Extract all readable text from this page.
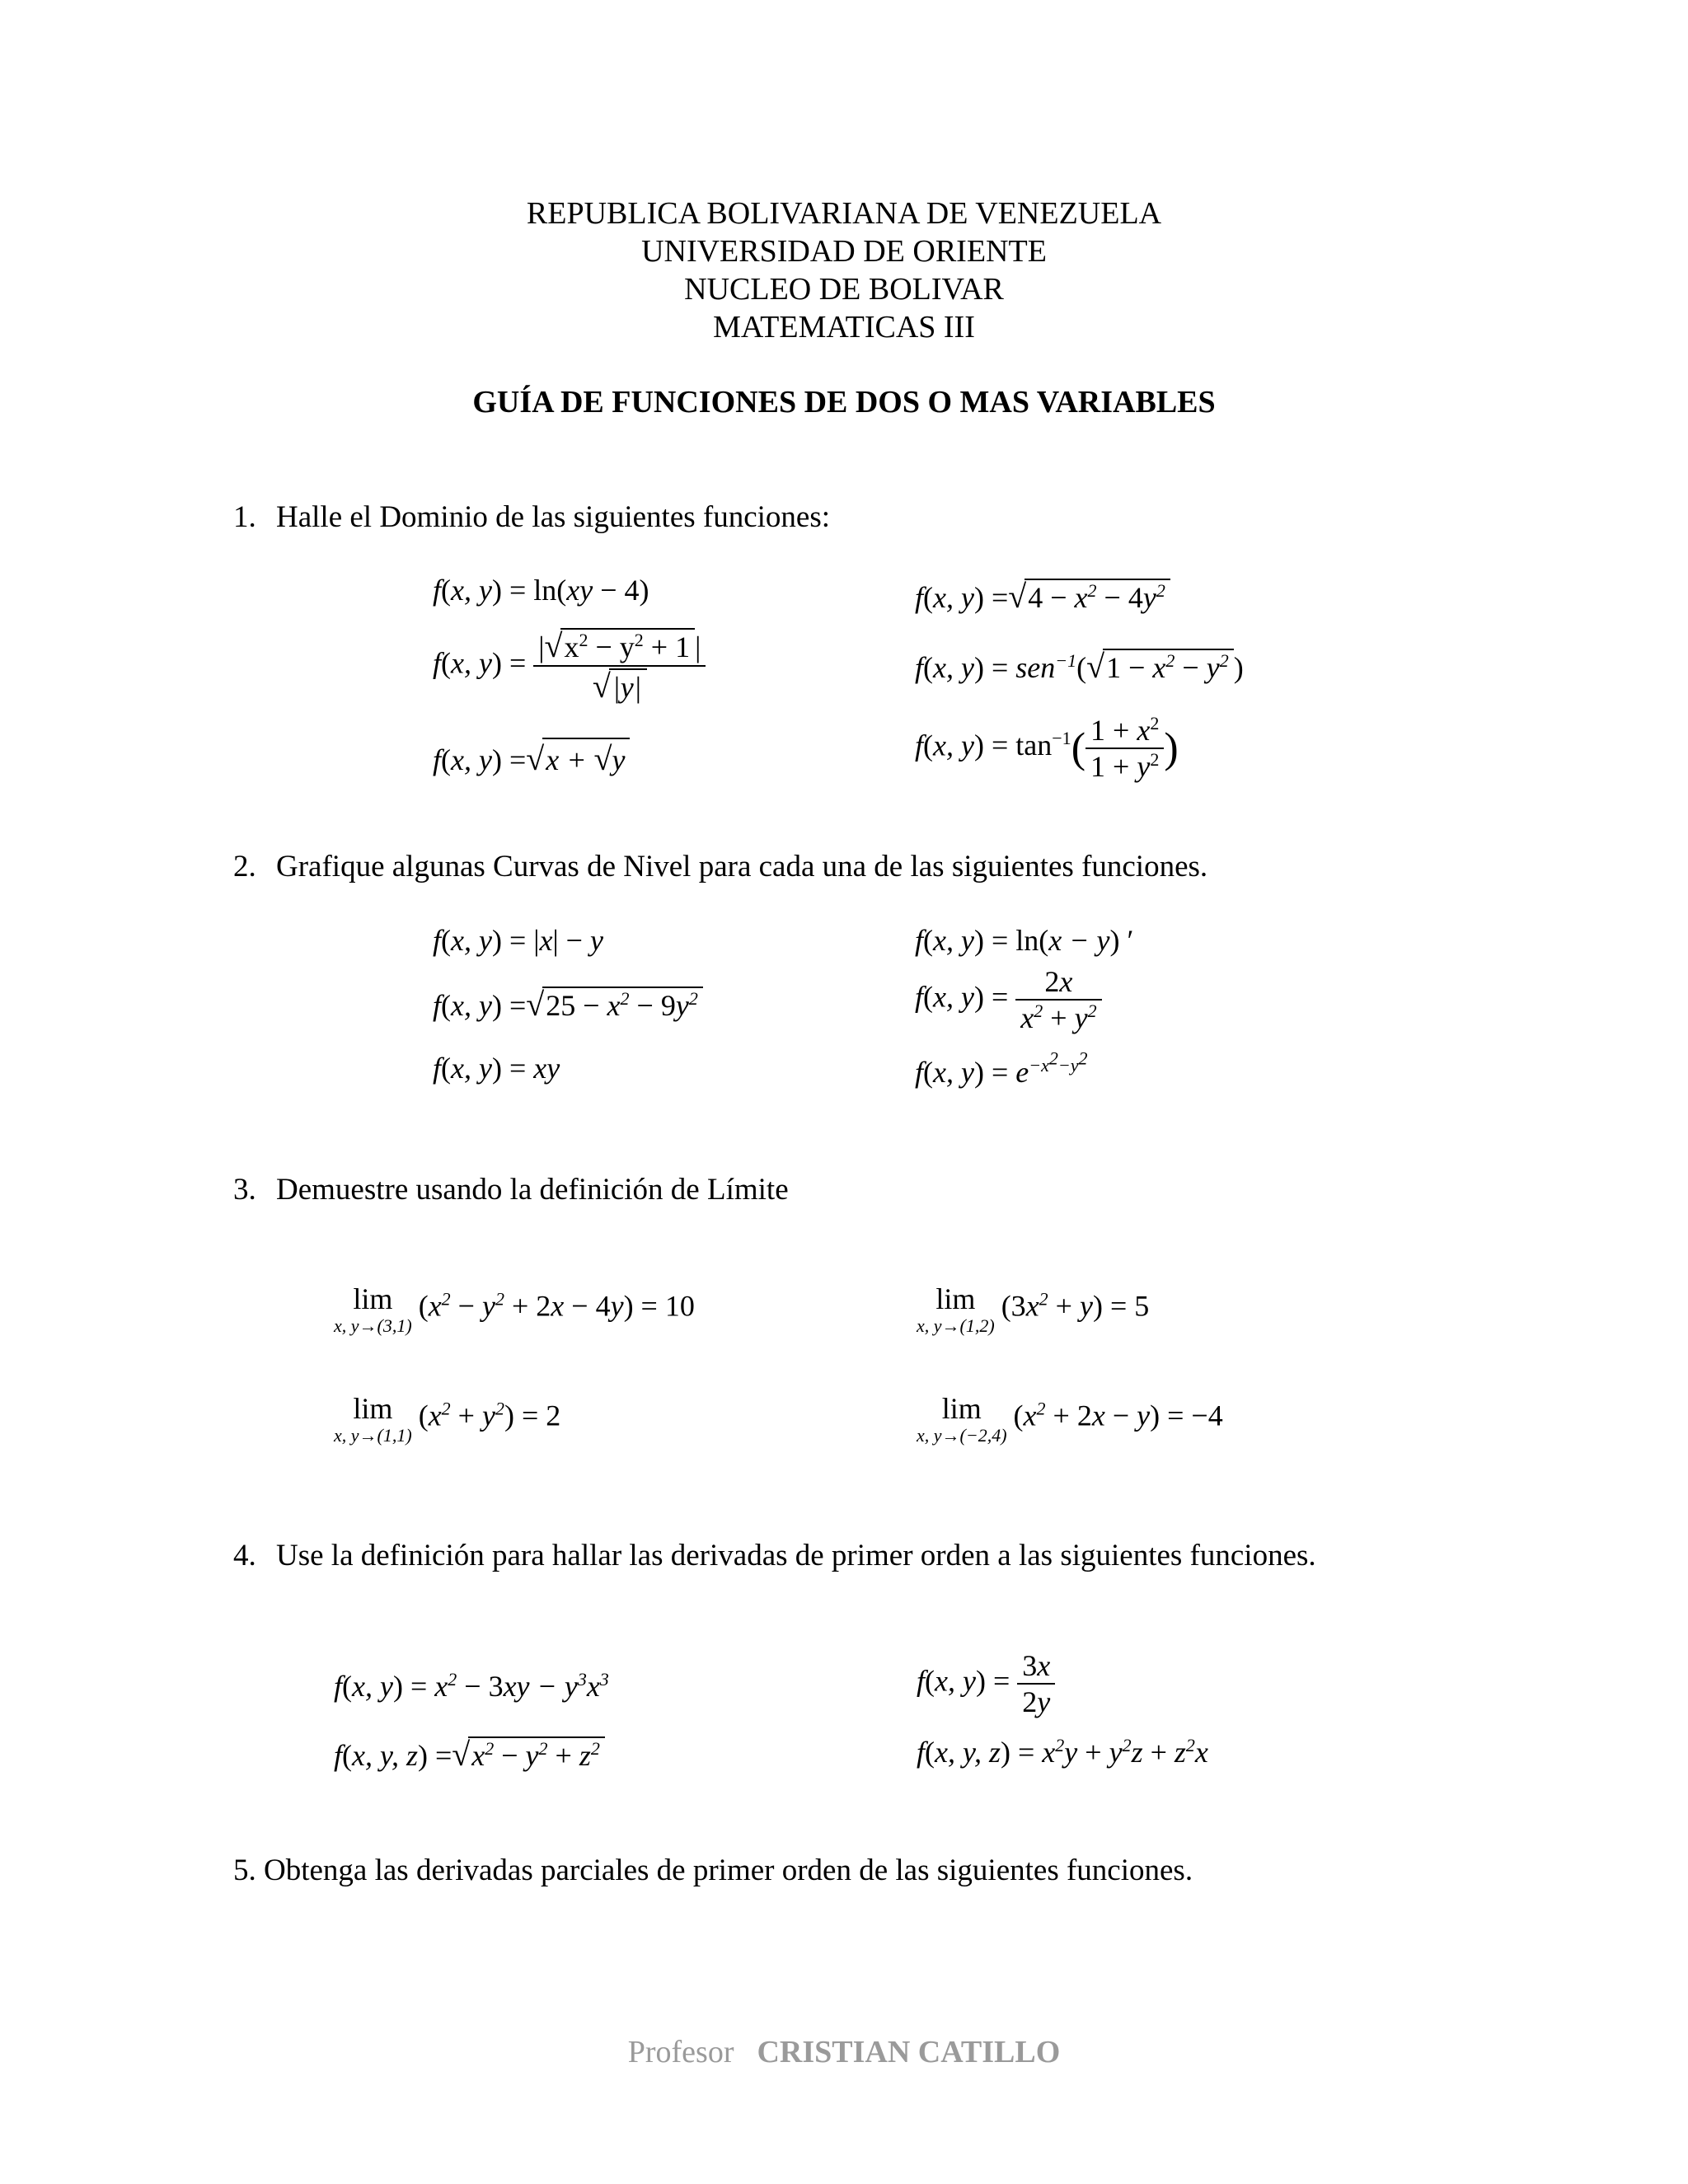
REPUBLICA BOLIVARIANA DE VENEZUELA
UNIVERSIDAD DE ORIENTE
NUCLEO DE BOLIVAR
MATEMATICAS III
GUÍA DE FUNCIONES DE DOS O MAS VARIABLES
1. Halle el Dominio de las siguientes funciones:
f(x, y) = ln(xy − 4)
f(x, $y) = \frac{|√x^2 - y^2 + 1 |}{√|y|}$
f(x, y) =√x + √y
f(x, $y) =√4 - x^2 - 4y^2$
f(x, $y) = sen^{-1}(√1 - x^2 - y^2$ )
f(x, $y) = \tan^{-1}( \frac{1 + x^2}{1 + y^2}$ )
2. Grafique algunas Curvas de Nivel para cada una de las siguientes funciones.
f(x, y) = |x| − y
f(x, $y) =√25 - x^2 - 9y^2$
f(x, y) = xy
f(x, y) = ln(x − y) ′
f(x, $y) = \frac{2x}{x^2 + y^2}$
f(x, $y) = e^{-x^2-y^2}$
3. Demuestre usando la definición de Límite
lim
x, y→(3,1)
$(x^2 - y^2 + 2x - 4y) = 10$
lim
x, y→(1,1)
$(x^2 + y^2) = 2$
lim
x, y→(1,2)
$(3x^2 + y) = 5$
lim
x, y→(−2,4)
$(x^2 + 2x - y) = -4$
4. Use la definición para hallar las derivadas de primer orden a las siguientes funciones.
f(x, $y) = x^2 - 3xy - y^3x^3$
f(x, y, $z) =√x^2 - y^2 + z^2$
f(x, $y) = \frac{3x}{2y}$
f(x, y, $z) = x^2y + y^2z + z^2x$
5. Obtenga las derivadas parciales de primer orden de las siguientes funciones.
Profesor CRISTIAN CATILLO
